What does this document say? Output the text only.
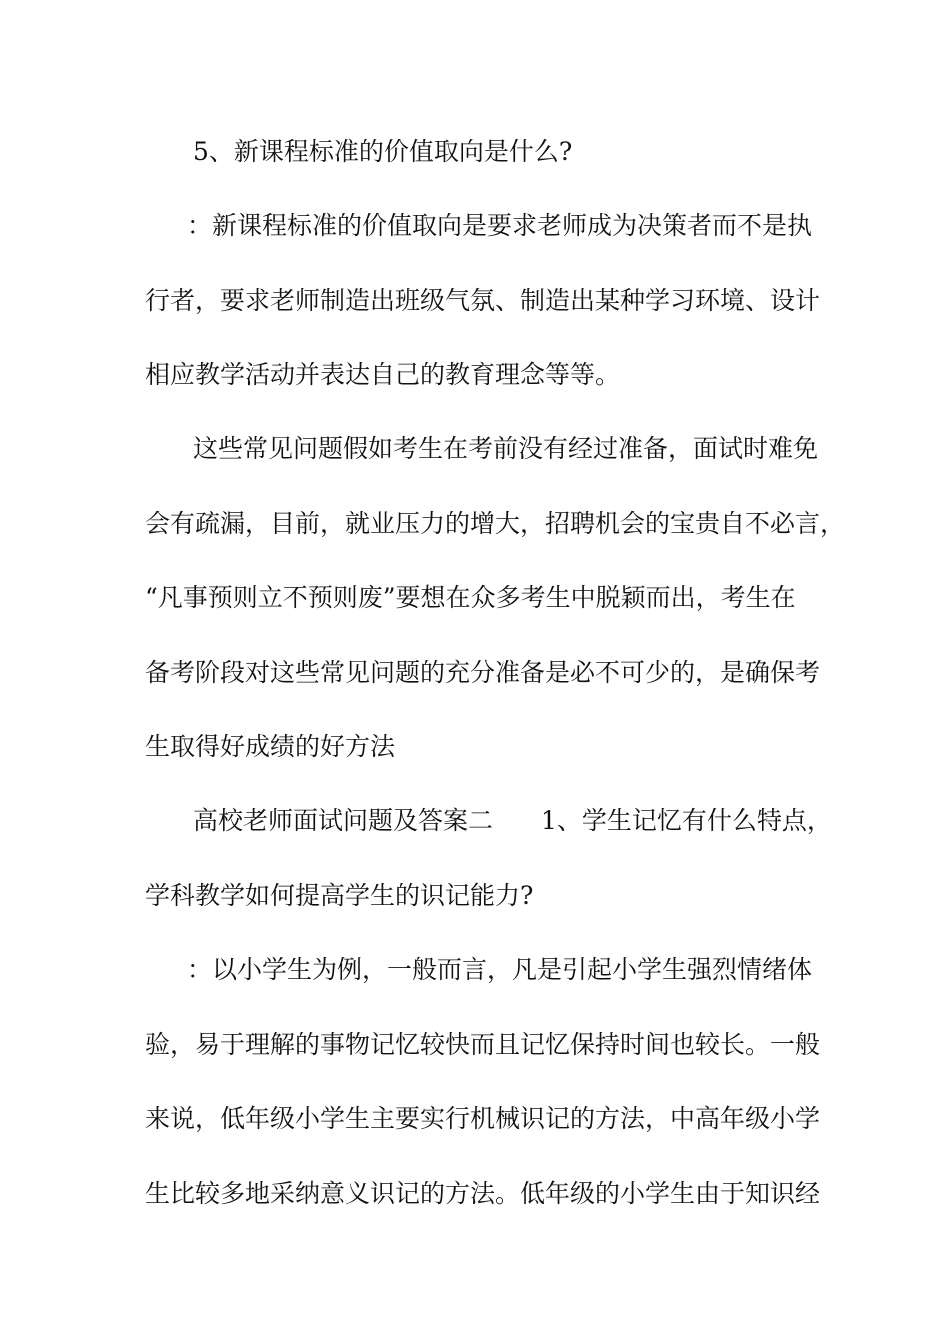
5、新课程标准的价值取向是什么?
：新课程标准的价值取向是要求老师成为决策者而不是执
行者，要求老师制造出班级气氛、制造出某种学习环境、设计
相应教学活动并表达自己的教育理念等等。
这些常见问题假如考生在考前没有经过准备，面试时难免
会有疏漏，目前，就业压力的增大，招聘机会的宝贵自不必言，
“凡事预则立不预则废”要想在众多考生中脱颖而出，考生在
备考阶段对这些常见问题的充分准备是必不可少的，是确保考
生取得好成绩的好方法
高校老师面试问题及答案二 1、学生记忆有什么特点，
学科教学如何提高学生的识记能力?
：以小学生为例，一般而言，凡是引起小学生强烈情绪体
验，易于理解的事物记忆较快而且记忆保持时间也较长。一般
来说，低年级小学生主要实行机械识记的方法，中高年级小学
生比较多地采纳意义识记的方法。低年级的小学生由于知识经
